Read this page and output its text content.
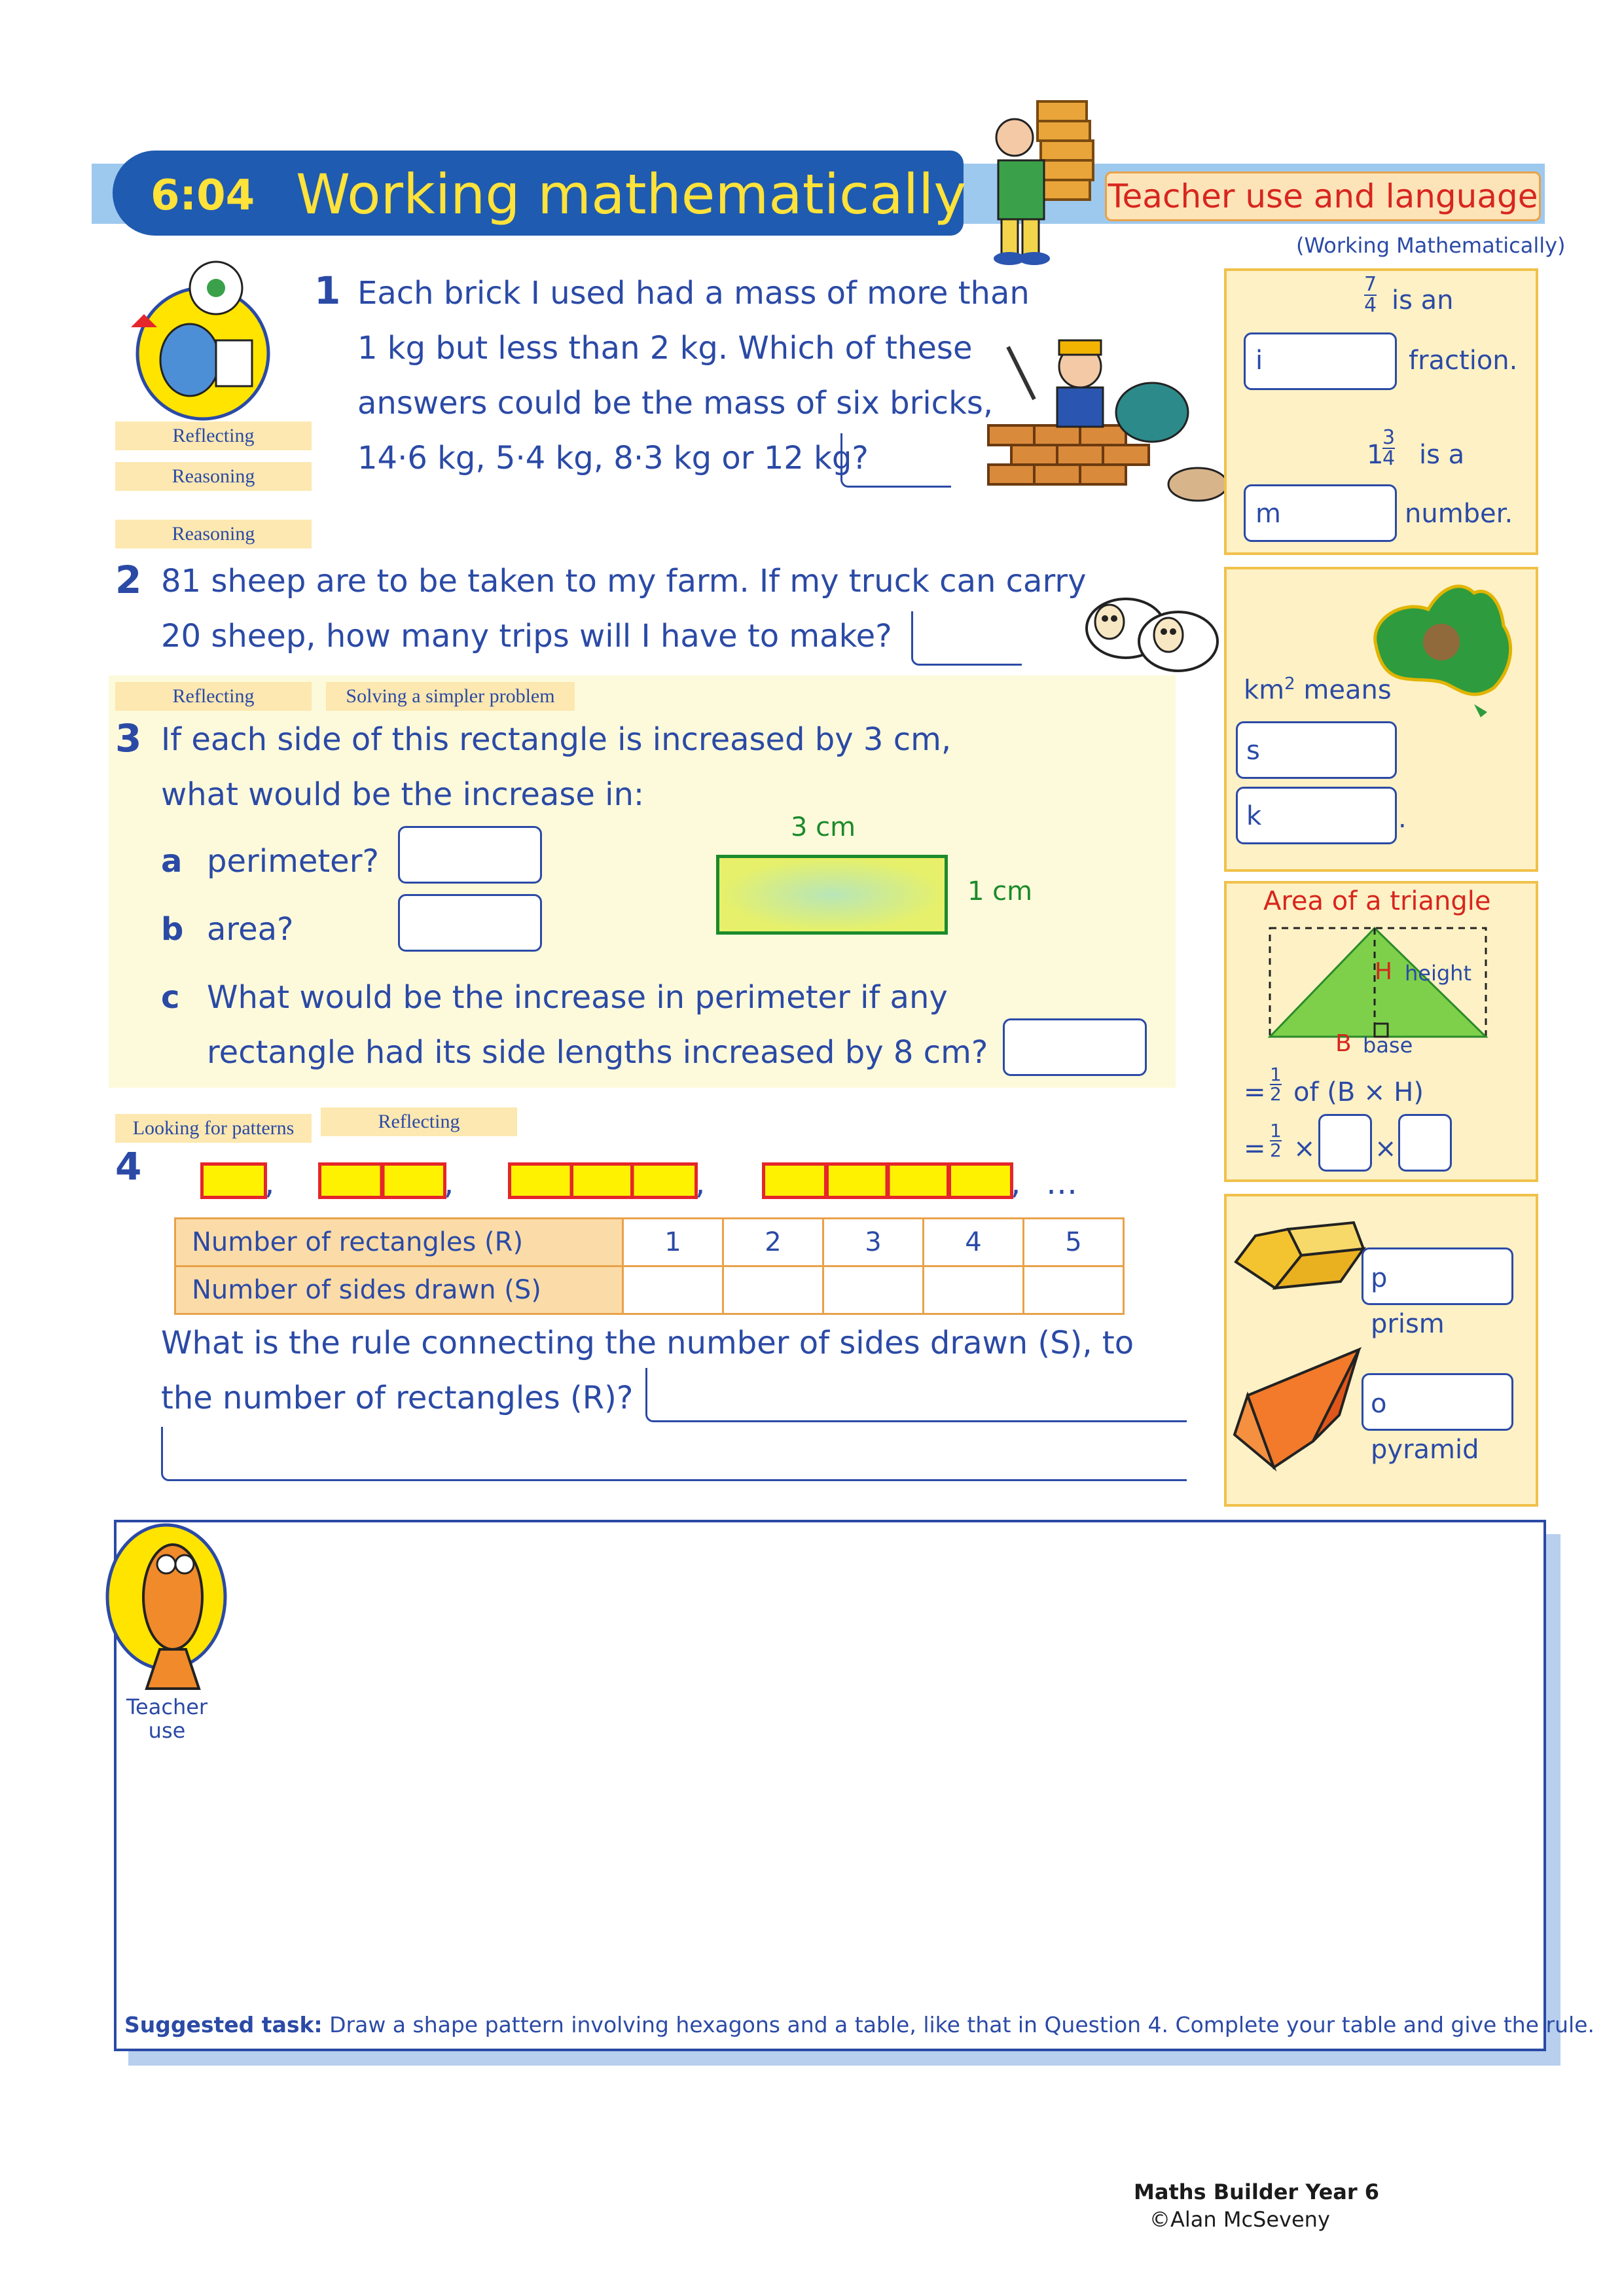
6:04 Working mathematically	Teacher use and language
(Working Mathematically)
Reflecting
Reasoning
1 Each brick I used had a mass of more than
1 kg but less than 2 kg. Which of these
answers could be the mass of six bricks,
14·6 kg, 5·4 kg, 8·3 kg or 12 kg?
Reasoning
2 81 sheep are to be taken to my farm. If my truck can carry
20 sheep, how many trips will I have to make?
Reflecting	Solving a simpler problem
3 If each side of this rectangle is increased by 3 cm,
what would be the increase in:
a perimeter?
b area?
3 cm
1 cm
c What would be the increase in perimeter if any
rectangle had its side lengths increased by 8 cm?
Looking for patterns	Reflecting
4	,	,	,	, …
Number of rectangles (R)	1	2	3	4	5
Number of sides drawn (S)					
What is the rule connecting the number of sides drawn (S), to
the number of rectangles (R)?
$\frac{7}{4}$ is an
i	fraction.
1
$\frac{3}{4}$ is a
m	number.
$km^2$ means
s
k	.
Area of a triangle
H height
B base
= $\frac{1}{2}$ of (B × H)
= $\frac{1}{2}$ × ×
p
prism
o
pyramid
Teacher use
Suggested task: Draw a shape pattern involving hexagons and a table, like that in Question 4. Complete your table and give the rule.
Maths Builder Year 6
©Alan McSeveny
